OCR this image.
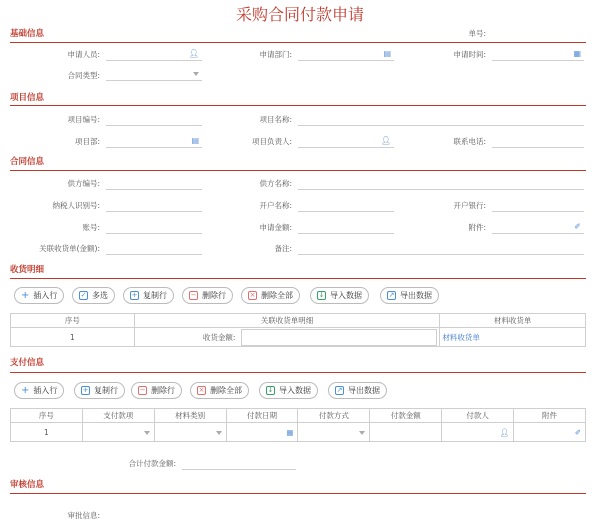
采购合同付款申请
基础信息	单号:
申请人员:	👤︎	申请部门:	▤	申请时间:	▦
合同类型:
项目信息
项目编号:	项目名称:
项目部:	▤	项目负责人:	👤︎	联系电话:
合同信息
供方编号:	供方名称:
纳税人识别号:	开户名称:	开户银行:
账号:	申请金额:	附件:	✐
关联收货单(金额):	备注:
收货明细
+ 插入行	✓ 多选	+ 复制行	− 删除行	× 删除全部	↓ 导入数据	↗ 导出数据
序号	关联收货单明细	材料收货单
1	收货金额:	材料收货单
支付信息
+ 插入行	+ 复制行	− 删除行	× 删除全部	↓ 导入数据	↗ 导出数据
序号	支付款项	材料类别	付款日期	付款方式	付款金额	付款人	附件
1			▦			👤︎	✐
合计付款金额:
审核信息
审批信息:
